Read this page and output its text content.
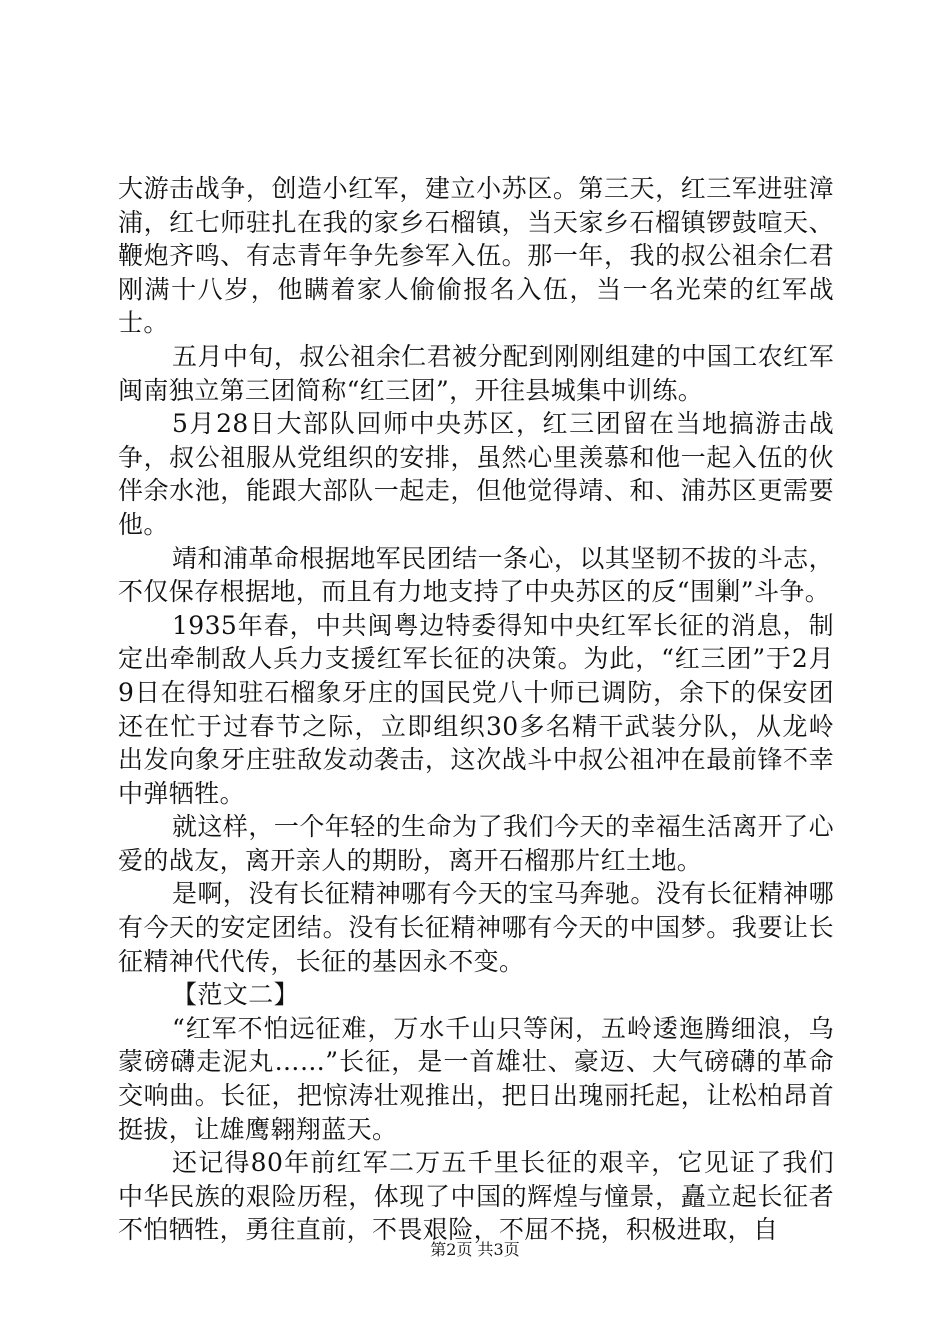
大游击战争，创造小红军，建立小苏区。第三天，红三军进驻漳浦，红七师驻扎在我的家乡石榴镇，当天家乡石榴镇锣鼓喧天、鞭炮齐鸣、有志青年争先参军入伍。那一年，我的叔公祖余仁君刚满十八岁，他瞒着家人偷偷报名入伍，当一名光荣的红军战士。

五月中旬，叔公祖余仁君被分配到刚刚组建的中国工农红军闽南独立第三团简称“红三团”，开往县城集中训练。

5月28日大部队回师中央苏区，红三团留在当地搞游击战争，叔公祖服从党组织的安排，虽然心里羡慕和他一起入伍的伙伴余水池，能跟大部队一起走，但他觉得靖、和、浦苏区更需要他。

靖和浦革命根据地军民团结一条心，以其坚韧不拔的斗志，不仅保存根据地，而且有力地支持了中央苏区的反“围剿”斗争。

1935年春，中共闽粤边特委得知中央红军长征的消息，制定出牵制敌人兵力支援红军长征的决策。为此，“红三团”于2月9日在得知驻石榴象牙庄的国民党八十师已调防，余下的保安团还在忙于过春节之际，立即组织30多名精干武装分队，从龙岭出发向象牙庄驻敌发动袭击，这次战斗中叔公祖冲在最前锋不幸中弹牺牲。

就这样，一个年轻的生命为了我们今天的幸福生活离开了心爱的战友，离开亲人的期盼，离开石榴那片红土地。

是啊，没有长征精神哪有今天的宝马奔驰。没有长征精神哪有今天的安定团结。没有长征精神哪有今天的中国梦。我要让长征精神代代传，长征的基因永不变。

【范文二】

“红军不怕远征难，万水千山只等闲，五岭逶迤腾细浪，乌蒙磅礴走泥丸……”长征，是一首雄壮、豪迈、大气磅礴的革命交响曲。长征，把惊涛壮观推出，把日出瑰丽托起，让松柏昂首挺拔，让雄鹰翱翔蓝天。

还记得80年前红军二万五千里长征的艰辛，它见证了我们中华民族的艰险历程，体现了中国的辉煌与憧景，矗立起长征者不怕牺牲，勇往直前，不畏艰险，不屈不挠，积极进取，自

第2页 共3页
